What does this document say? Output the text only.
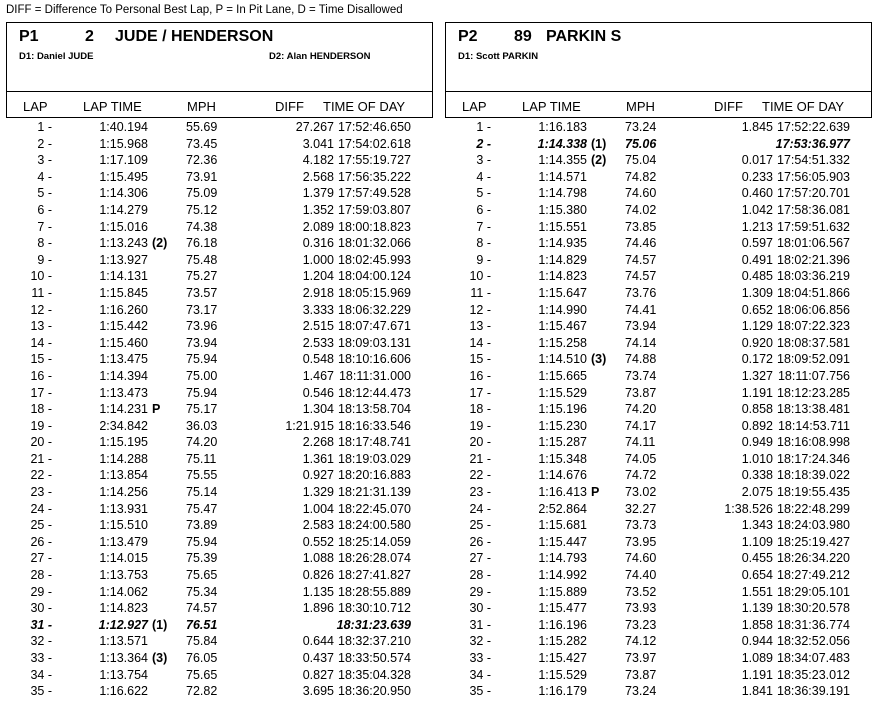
DIFF = Difference To Personal Best Lap, P = In Pit Lane, D = Time Disallowed
P1	2 JUDE / HENDERSON
D1: Daniel JUDE	D2: Alan HENDERSON
LAP	LAP TIME	MPH	DIFF TIME OF DAY
1 -	1:40.194	55.69	27.267 17:52:46.650
2 -	1:15.968	73.45	3.041 17:54:02.618
3 -	1:17.109	72.36	4.182 17:55:19.727
4 -	1:15.495	73.91	2.568 17:56:35.222
5 -	1:14.306	75.09	1.379 17:57:49.528
6 -	1:14.279	75.12	1.352 17:59:03.807
7 -	1:15.016	74.38	2.089 18:00:18.823
8 -	1:13.243 (2) 76.18	0.316 18:01:32.066
9 -	1:13.927	75.48	1.000 18:02:45.993
10 -	1:14.131	75.27	1.204 18:04:00.124
11 -	1:15.845	73.57	2.918 18:05:15.969
12 -	1:16.260	73.17	3.333 18:06:32.229
13 -	1:15.442	73.96	2.515 18:07:47.671
14 -	1:15.460	73.94	2.533 18:09:03.131
15 -	1:13.475	75.94	0.548 18:10:16.606
16 -	1:14.394	75.00	1.467 18:11:31.000
17 -	1:13.473	75.94	0.546 18:12:44.473
18 -	1:14.231 P 75.17	1.304 18:13:58.704
19 -	2:34.842	36.03	1:21.915 18:16:33.546
20 -	1:15.195	74.20	2.268 18:17:48.741
21 -	1:14.288	75.11	1.361 18:19:03.029
22 -	1:13.854	75.55	0.927 18:20:16.883
23 -	1:14.256	75.14	1.329 18:21:31.139
24 -	1:13.931	75.47	1.004 18:22:45.070
25 -	1:15.510	73.89	2.583 18:24:00.580
26 -	1:13.479	75.94	0.552 18:25:14.059
27 -	1:14.015	75.39	1.088 18:26:28.074
28 -	1:13.753	75.65	0.826 18:27:41.827
29 -	1:14.062	75.34	1.135 18:28:55.889
30 -	1:14.823	74.57	1.896 18:30:10.712
31 -	1:12.927 (1) 76.51	18:31:23.639
32 -	1:13.571	75.84	0.644 18:32:37.210
33 -	1:13.364 (3) 76.05	0.437 18:33:50.574
34 -	1:13.754	75.65	0.827 18:35:04.328
35 -	1:16.622	72.82	3.695 18:36:20.950
P2 89 PARKIN S
D1: Scott PARKIN
LAP	LAP TIME	MPH	DIFF TIME OF DAY
1 -	1:16.183	73.24	1.845 17:52:22.639
2 -	1:14.338 (1) 75.06	17:53:36.977
3 -	1:14.355 (2) 75.04	0.017 17:54:51.332
4 -	1:14.571	74.82	0.233 17:56:05.903
5 -	1:14.798	74.60	0.460 17:57:20.701
6 -	1:15.380	74.02	1.042 17:58:36.081
7 -	1:15.551	73.85	1.213 17:59:51.632
8 -	1:14.935	74.46	0.597 18:01:06.567
9 -	1:14.829	74.57	0.491 18:02:21.396
10 -	1:14.823	74.57	0.485 18:03:36.219
11 -	1:15.647	73.76	1.309 18:04:51.866
12 -	1:14.990	74.41	0.652 18:06:06.856
13 -	1:15.467	73.94	1.129 18:07:22.323
14 -	1:15.258	74.14	0.920 18:08:37.581
15 -	1:14.510 (3) 74.88	0.172 18:09:52.091
16 -	1:15.665	73.74	1.327 18:11:07.756
17 -	1:15.529	73.87	1.191 18:12:23.285
18 -	1:15.196	74.20	0.858 18:13:38.481
19 -	1:15.230	74.17	0.892 18:14:53.711
20 -	1:15.287	74.11	0.949 18:16:08.998
21 -	1:15.348	74.05	1.010 18:17:24.346
22 -	1:14.676	74.72	0.338 18:18:39.022
23 -	1:16.413 P 73.02	2.075 18:19:55.435
24 -	2:52.864	32.27	1:38.526 18:22:48.299
25 -	1:15.681	73.73	1.343 18:24:03.980
26 -	1:15.447	73.95	1.109 18:25:19.427
27 -	1:14.793	74.60	0.455 18:26:34.220
28 -	1:14.992	74.40	0.654 18:27:49.212
29 -	1:15.889	73.52	1.551 18:29:05.101
30 -	1:15.477	73.93	1.139 18:30:20.578
31 -	1:16.196	73.23	1.858 18:31:36.774
32 -	1:15.282	74.12	0.944 18:32:52.056
33 -	1:15.427	73.97	1.089 18:34:07.483
34 -	1:15.529	73.87	1.191 18:35:23.012
35 -	1:16.179	73.24	1.841 18:36:39.191
